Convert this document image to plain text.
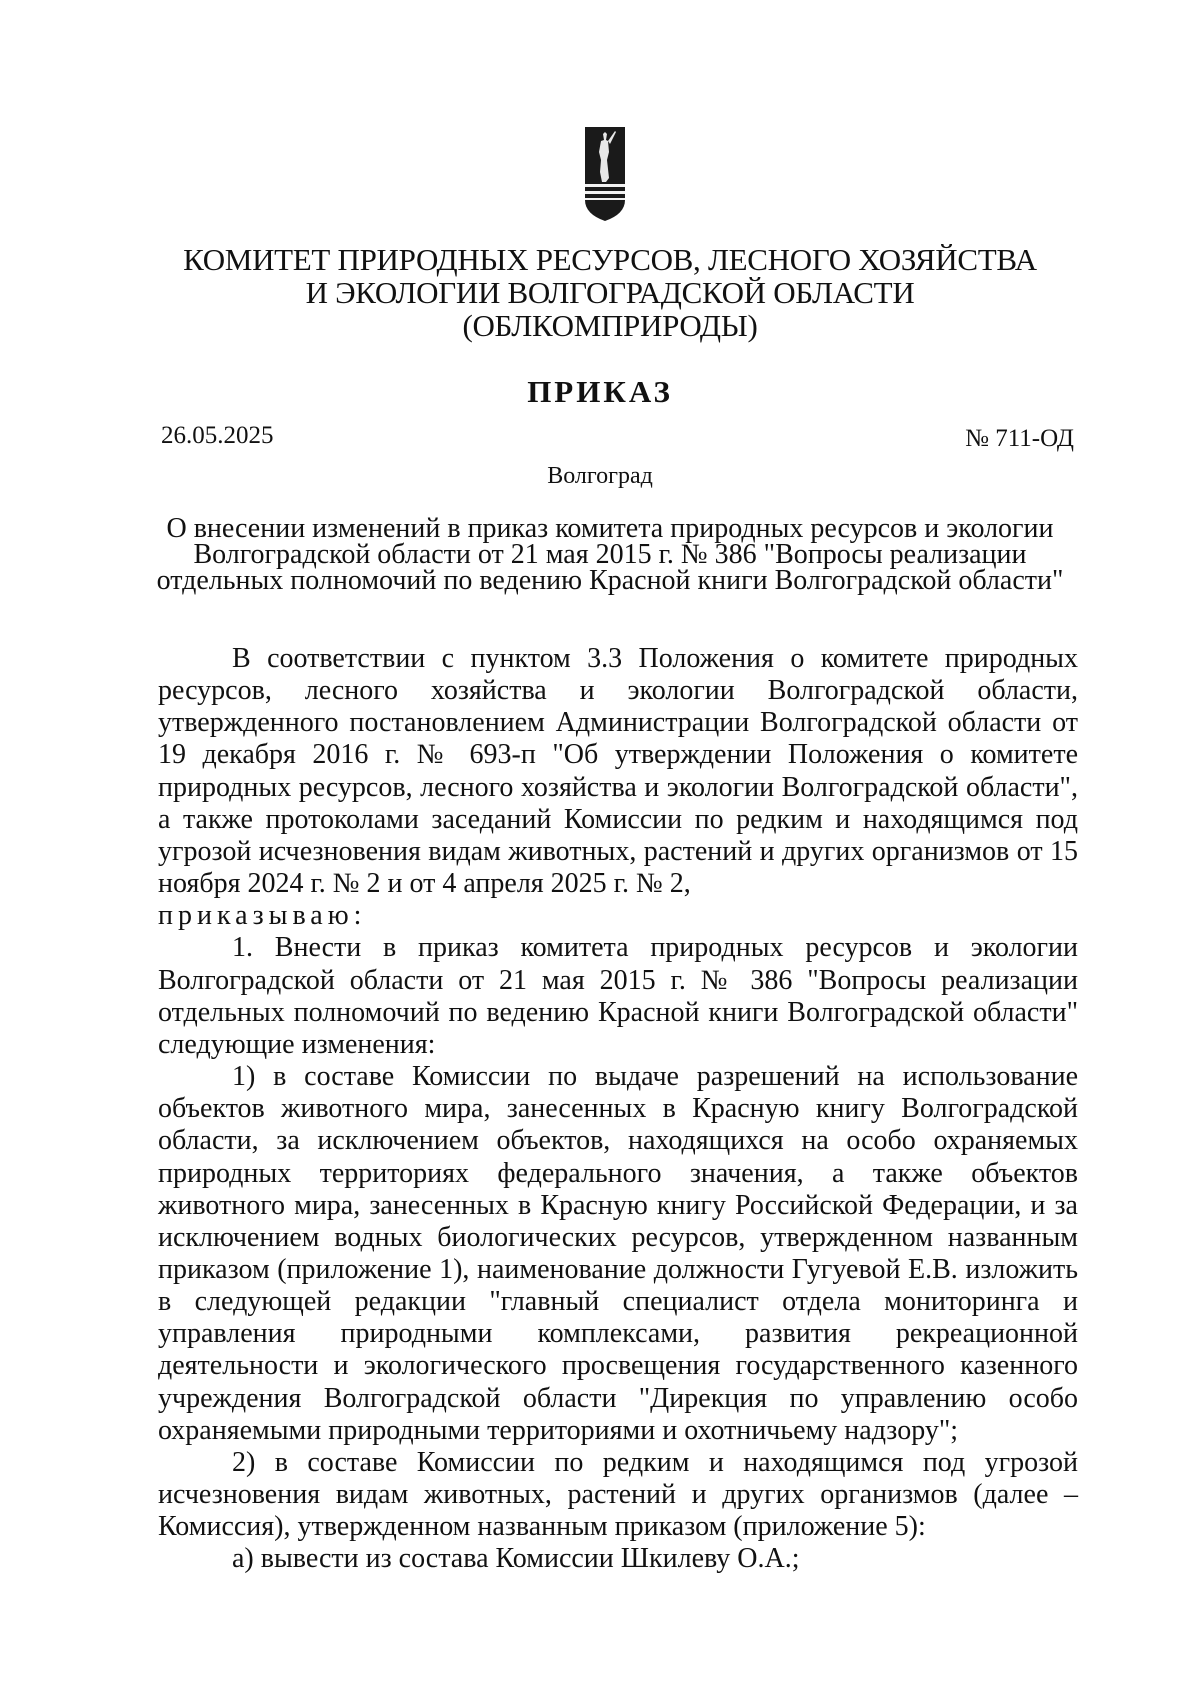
КОМИТЕТ ПРИРОДНЫХ РЕСУРСОВ, ЛЕСНОГО ХОЗЯЙСТВА
И ЭКОЛОГИИ ВОЛГОГРАДСКОЙ ОБЛАСТИ
(ОБЛКОМПРИРОДЫ)
ПРИКАЗ
26.05.2025	№ 711-ОД
Волгоград
О внесении изменений в приказ комитета природных ресурсов и экологии
Волгоградской области от 21 мая 2015 г. № 386 "Вопросы реализации
отдельных полномочий по ведению Красной книги Волгоградской области"

В соответствии с пунктом 3.3 Положения о комитете природных ресурсов, лесного хозяйства и экологии Волгоградской области, утвержденного постановлением Администрации Волгоградской области от 19 декабря 2016 г. № 693-п "Об утверждении Положения о комитете природных ресурсов, лесного хозяйства и экологии Волгоградской области", а также протоколами заседаний Комиссии по редким и находящимся под угрозой исчезновения видам животных, растений и других организмов от 15 ноября 2024 г. № 2 и от 4 апреля 2025 г. № 2,

приказываю:

1. Внести в приказ комитета природных ресурсов и экологии Волгоградской области от 21 мая 2015 г. № 386 "Вопросы реализации отдельных полномочий по ведению Красной книги Волгоградской области" следующие изменения:

1) в составе Комиссии по выдаче разрешений на использование объектов животного мира, занесенных в Красную книгу Волгоградской области, за исключением объектов, находящихся на особо охраняемых природных территориях федерального значения, а также объектов животного мира, занесенных в Красную книгу Российской Федерации, и за исключением водных биологических ресурсов, утвержденном названным приказом (приложение 1), наименование должности Гугуевой Е.В. изложить в следующей редакции "главный специалист отдела мониторинга и управления природными комплексами, развития рекреационной деятельности и экологического просвещения государственного казенного учреждения Волгоградской области "Дирекция по управлению особо охраняемыми природными территориями и охотничьему надзору";

2) в составе Комиссии по редким и находящимся под угрозой исчезновения видам животных, растений и других организмов (далее – Комиссия), утвержденном названным приказом (приложение 5):

а) вывести из состава Комиссии Шкилеву О.А.;
